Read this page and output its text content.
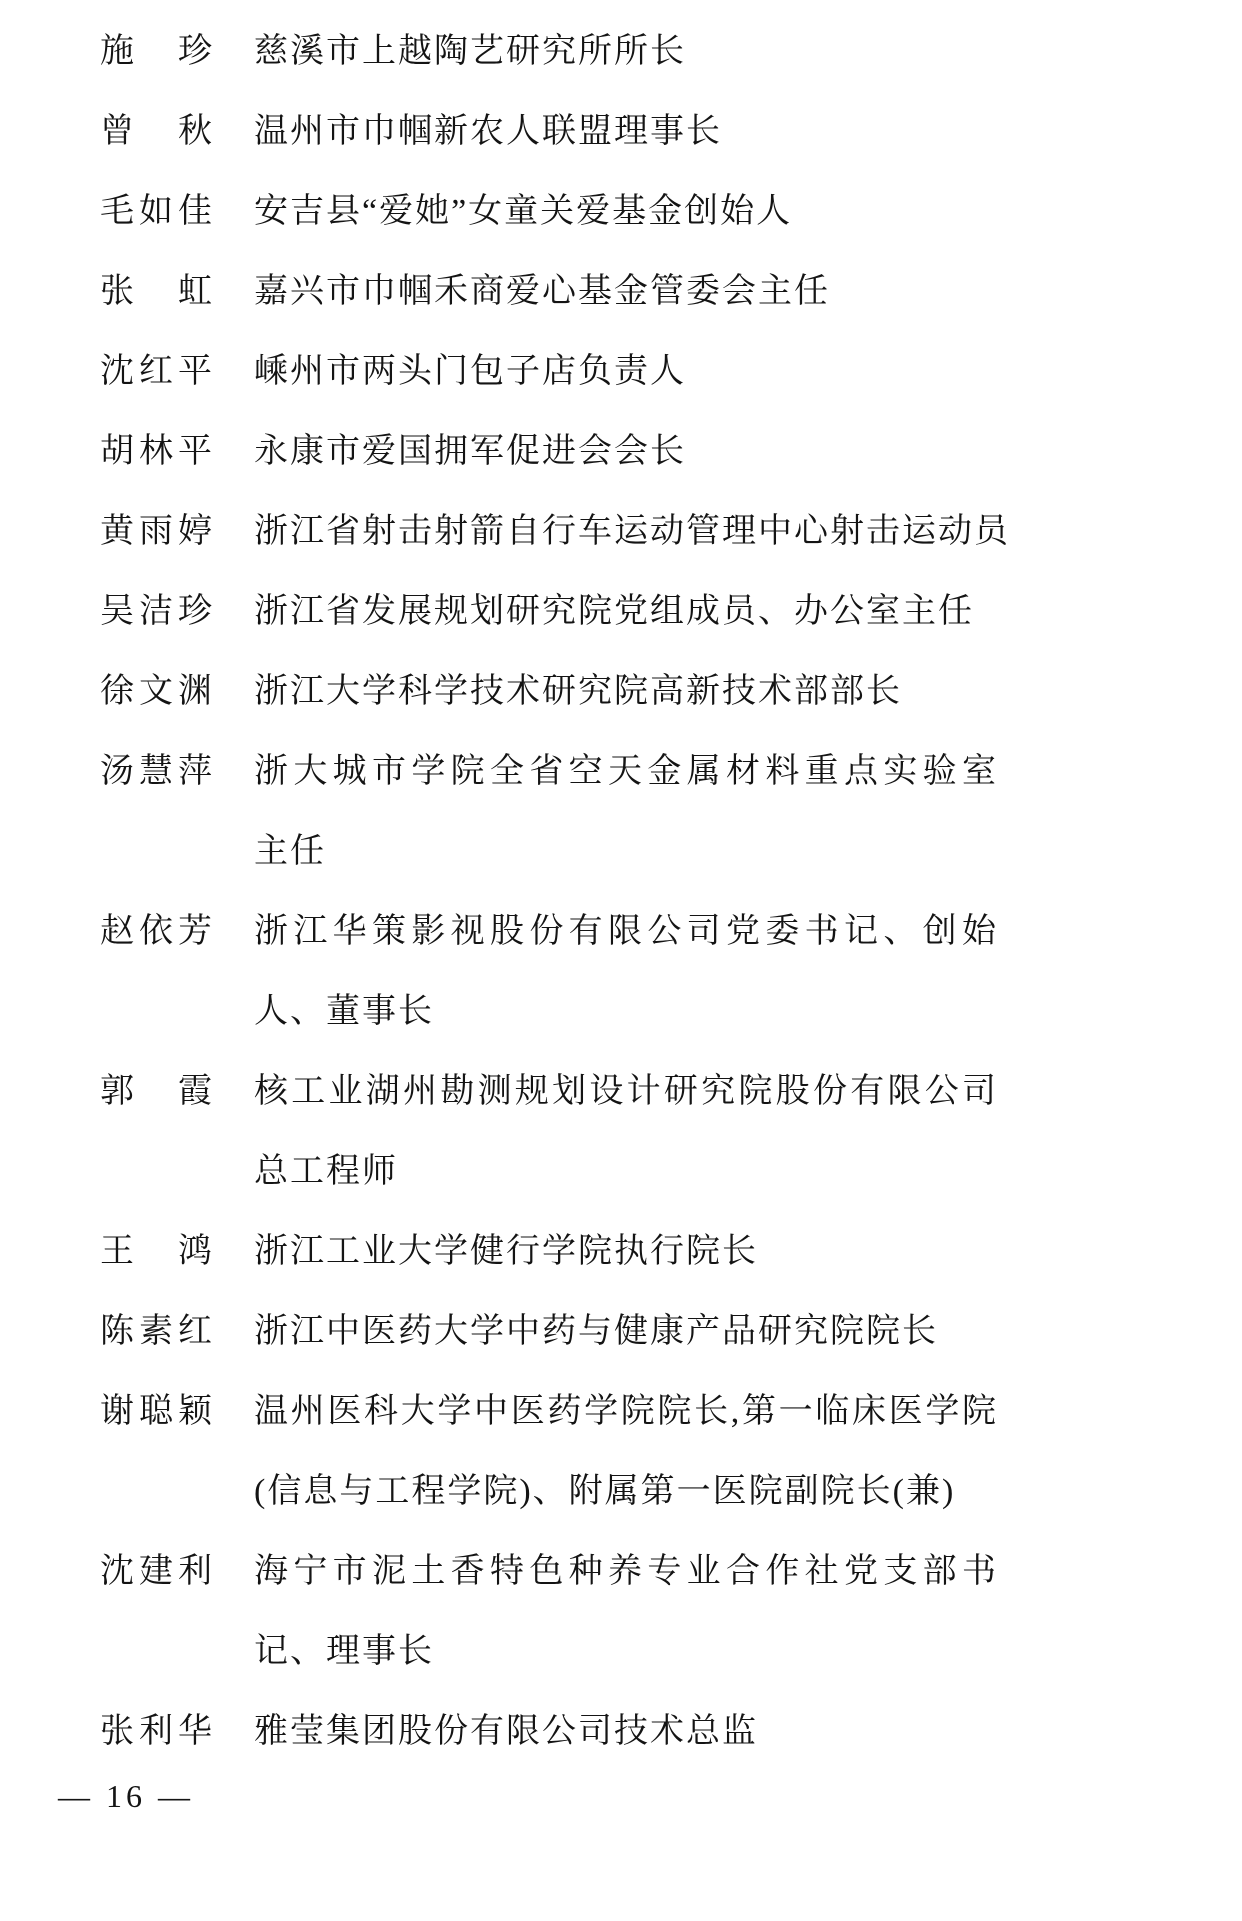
施 珍 慈溪市上越陶艺研究所所长
曾 秋 温州市巾帼新农人联盟理事长
毛如佳 安吉县“爱她”女童关爱基金创始人
张 虹 嘉兴市巾帼禾商爱心基金管委会主任
沈红平 嵊州市两头门包子店负责人
胡林平 永康市爱国拥军促进会会长
黄雨婷 浙江省射击射箭自行车运动管理中心射击运动员
吴洁珍 浙江省发展规划研究院党组成员、办公室主任
徐文渊 浙江大学科学技术研究院高新技术部部长
汤慧萍 浙大城市学院全省空天金属材料重点实验室
主任
赵依芳 浙江华策影视股份有限公司党委书记、创始
人、董事长
郭 霞 核工业湖州勘测规划设计研究院股份有限公司
总工程师
王 鸿 浙江工业大学健行学院执行院长
陈素红 浙江中医药大学中药与健康产品研究院院长
谢聪颖 温州医科大学中医药学院院长,第一临床医学院
(信息与工程学院)、附属第一医院副院长(兼)
沈建利 海宁市泥土香特色种养专业合作社党支部书
记、理事长
张利华 雅莹集团股份有限公司技术总监
— 16 —
